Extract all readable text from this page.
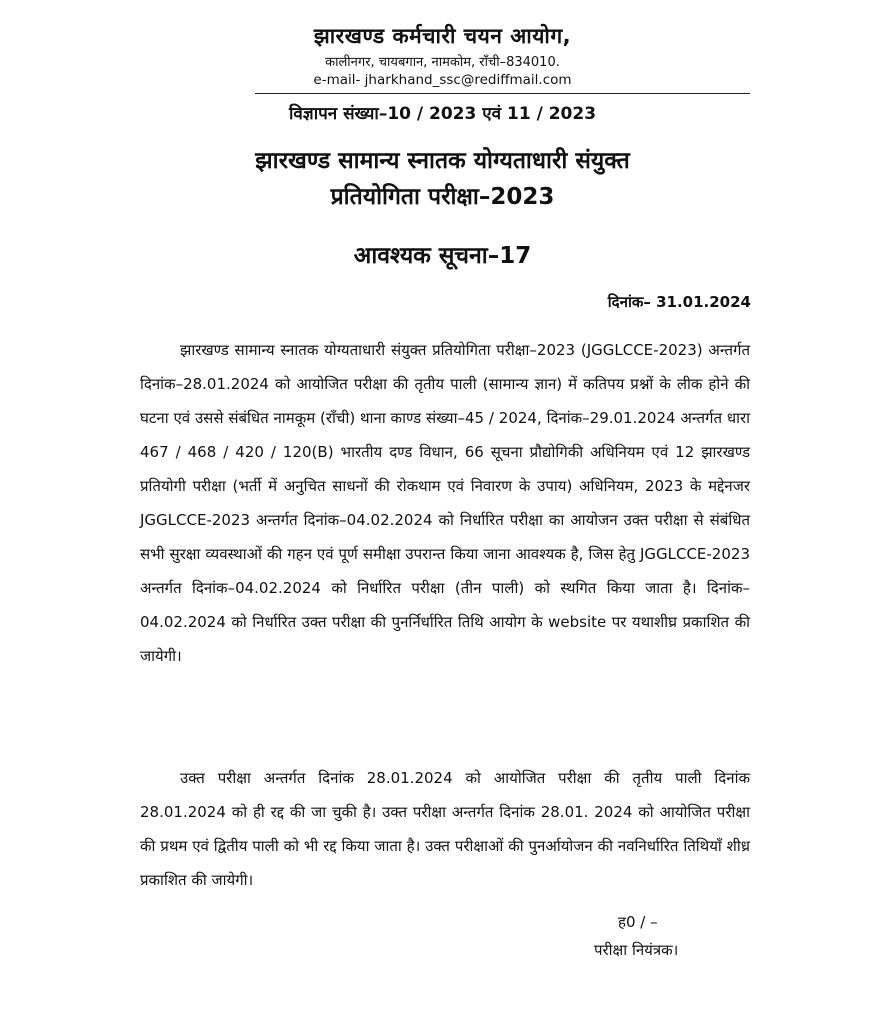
झारखण्ड कर्मचारी चयन आयोग,
कालीनगर, चायबगान, नामकोम, राँची–834010.
e-mail- jharkhand_ssc@rediffmail.com
विज्ञापन संख्या–10 / 2023 एवं 11 / 2023
झारखण्ड सामान्य स्नातक योग्यताधारी संयुक्त
प्रतियोगिता परीक्षा–2023
आवश्यक सूचना–17
दिनांक– 31.01.2024

झारखण्ड सामान्य स्नातक योग्यताधारी संयुक्त प्रतियोगिता परीक्षा–2023 (JGGLCCE-2023) अन्तर्गत दिनांक–28.01.2024 को आयोजित परीक्षा की तृतीय पाली (सामान्य ज्ञान) में कतिपय प्रश्नों के लीक होने की घटना एवं उससे संबंधित नामकूम (राँची) थाना काण्ड संख्या–45 / 2024, दिनांक–29.01.2024 अन्तर्गत धारा 467 / 468 / 420 / 120(B) भारतीय दण्ड विधान, 66 सूचना प्रौद्योगिकी अधिनियम एवं 12 झारखण्ड प्रतियोगी परीक्षा (भर्ती में अनुचित साधनों की रोकथाम एवं निवारण के उपाय) अधिनियम, 2023 के मद्देनजर JGGLCCE-2023 अन्तर्गत दिनांक–04.02.2024 को निर्धारित परीक्षा का आयोजन उक्त परीक्षा से संबंधित सभी सुरक्षा व्यवस्थाओं की गहन एवं पूर्ण समीक्षा उपरान्त किया जाना आवश्यक है, जिस हेतु JGGLCCE-2023 अन्तर्गत दिनांक–04.02.2024 को निर्धारित परीक्षा (तीन पाली) को स्थगित किया जाता है। दिनांक–04.02.2024 को निर्धारित उक्त परीक्षा की पुनर्निर्धारित तिथि आयोग के website पर यथाशीघ्र प्रकाशित की जायेगी।

उक्त परीक्षा अन्तर्गत दिनांक 28.01.2024 को आयोजित परीक्षा की तृतीय पाली दिनांक 28.01.2024 को ही रद्द की जा चुकी है। उक्त परीक्षा अन्तर्गत दिनांक 28.01. 2024 को आयोजित परीक्षा की प्रथम एवं द्वितीय पाली को भी रद्द किया जाता है। उक्त परीक्षाओं की पुनर्आयोजन की नवनिर्धारित तिथियाँ शीध्र प्रकाशित की जायेगी।

ह0 / –
परीक्षा नियंत्रक।
